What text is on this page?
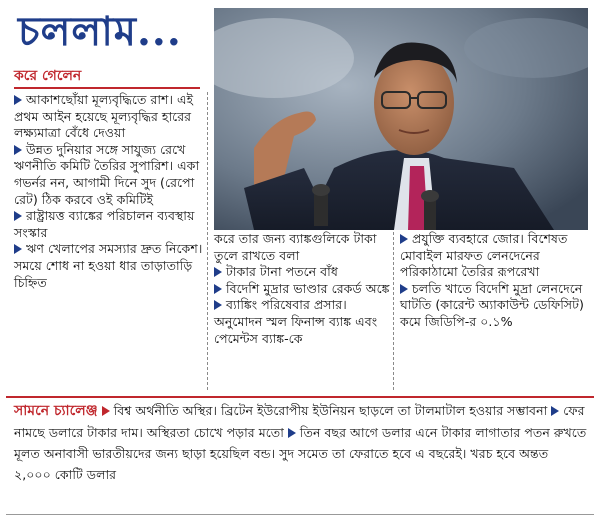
চললাম...
করে গেলেন
আকাশছোঁয়া মূল্যবৃদ্ধিতে রাশ। এই প্রথম আইন হয়েছে মূল্যবৃদ্ধির হারের লক্ষ্যমাত্রা বেঁধে দেওয়া
উন্নত দুনিয়ার সঙ্গে সাযুজ্য রেখে ঋণনীতি কমিটি তৈরির সুপারিশ। একা গভর্নর নন, আগামী দিনে সুদ (রেপো রেট) ঠিক করবে ওই কমিটিই
রাষ্ট্রায়ত্ত ব্যাঙ্কের পরিচালন ব্যবস্থায় সংস্কার
ঋণ খেলাপের সমস্যার দ্রুত নিকেশ। সময়ে শোধ না হওয়া ধার তাড়াতাড়ি চিহ্নিত
করে তার জন্য ব্যাঙ্কগুলিকে টাকা তুলে রাখতে বলা
টাকার টানা পতনে বাঁধ
বিদেশি মুদ্রার ভাণ্ডার রেকর্ড অঙ্কে
ব্যাঙ্কিং পরিষেবার প্রসার। অনুমোদন স্মল ফিনান্স ব্যাঙ্ক এবং পেমেন্টস ব্যাঙ্ক-কে
প্রযুক্তি ব্যবহারে জোর। বিশেষত মোবাইল মারফত লেনদেনের পরিকাঠামো তৈরির রূপরেখা
চলতি খাতে বিদেশি মুদ্রা লেনদেনে ঘাটতি (কারেন্ট অ্যাকাউন্ট ডেফিসিট) কমে জিডিপি-র ০.১%
সামনে চ্যালেঞ্জ বিশ্ব অর্থনীতি অস্থির। ব্রিটেন ইউরোপীয় ইউনিয়ন ছাড়লে তা টালমাটাল হওয়ার সম্ভাবনা ফের নামছে ডলারে টাকার দাম। অস্থিরতা চোখে পড়ার মতো তিন বছর আগে ডলার এনে টাকার লাগাতার পতন রুখতে মূলত অনাবাসী ভারতীয়দের জন্য ছাড়া হয়েছিল বন্ড। সুদ সমেত তা ফেরাতে হবে এ বছরেই। খরচ হবে অন্তত ২,০০০ কোটি ডলার
